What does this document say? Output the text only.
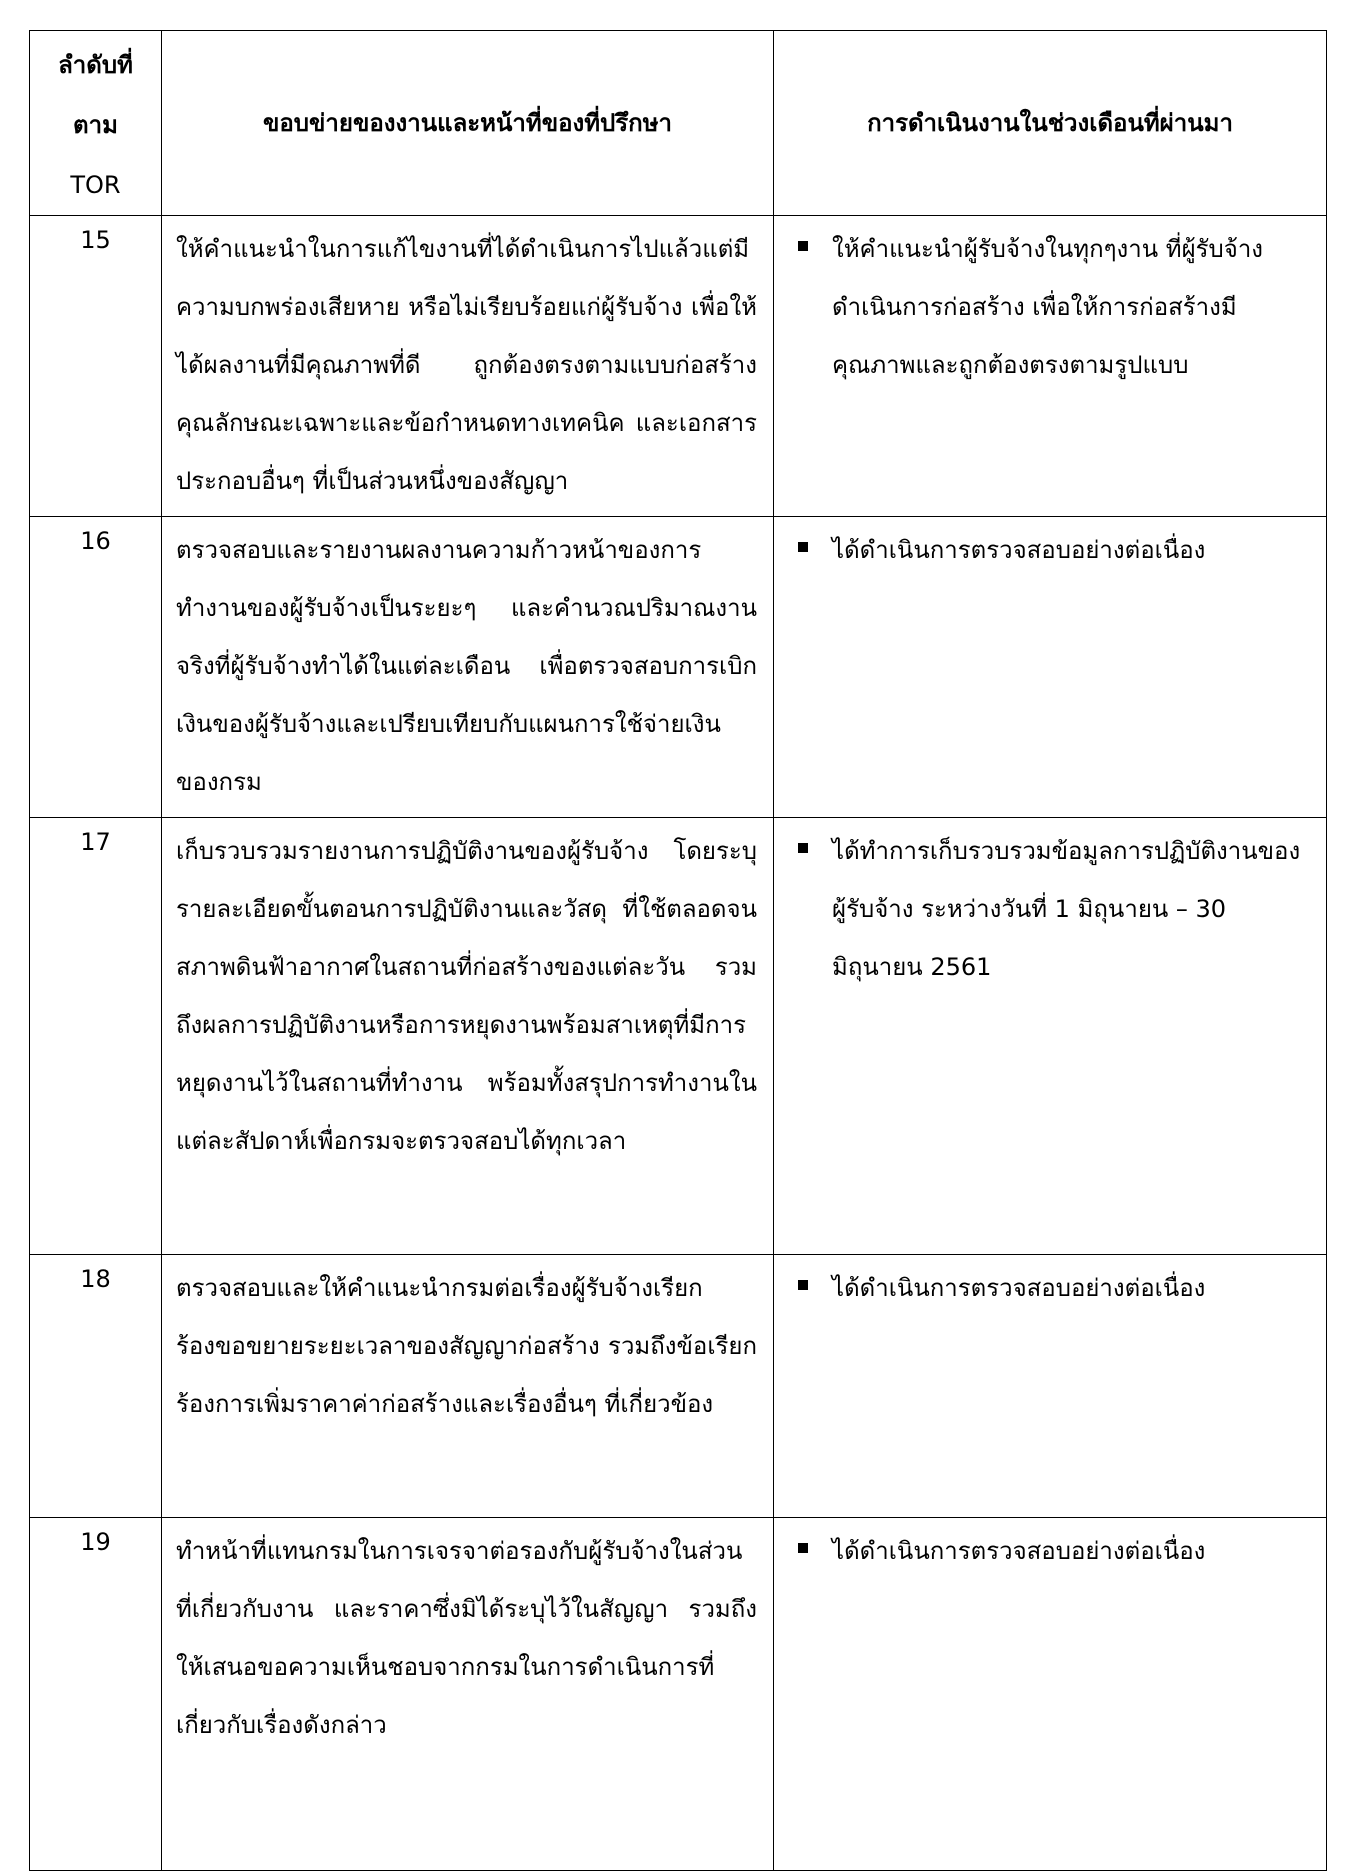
ลำดับที่
ตาม
TOR	ขอบข่ายของงานและหน้าที่ของที่ปรึกษา	การดำเนินงานในช่วงเดือนที่ผ่านมา
15	ให้คำแนะนำในการแก้ไขงานที่ได้ดำเนินการไปแล้วแต่มีความบกพร่องเสียหาย หรือไม่เรียบร้อยแก่ผู้รับจ้าง เพื่อให้ได้ผลงานที่มีคุณภาพที่ดี ถูกต้องตรงตามแบบก่อสร้างคุณลักษณะเฉพาะและข้อกำหนดทางเทคนิค และเอกสารประกอบอื่นๆ ที่เป็นส่วนหนึ่งของสัญญา	ให้คำแนะนำผู้รับจ้างในทุกๆงาน ที่ผู้รับจ้างดำเนินการก่อสร้าง เพื่อให้การก่อสร้างมีคุณภาพและถูกต้องตรงตามรูปแบบ

16	ตรวจสอบและรายงานผลงานความก้าวหน้าของการทำงานของผู้รับจ้างเป็นระยะๆ และคำนวณปริมาณงานจริงที่ผู้รับจ้างทำได้ในแต่ละเดือน เพื่อตรวจสอบการเบิกเงินของผู้รับจ้างและเปรียบเทียบกับแผนการใช้จ่ายเงินของกรม	ได้ดำเนินการตรวจสอบอย่างต่อเนื่อง

17	เก็บรวบรวมรายงานการปฏิบัติงานของผู้รับจ้าง โดยระบุรายละเอียดขั้นตอนการปฏิบัติงานและวัสดุ ที่ใช้ตลอดจนสภาพดินฟ้าอากาศในสถานที่ก่อสร้างของแต่ละวัน รวมถึงผลการปฏิบัติงานหรือการหยุดงานพร้อมสาเหตุที่มีการหยุดงานไว้ในสถานที่ทำงาน พร้อมทั้งสรุปการทำงานในแต่ละสัปดาห์เพื่อกรมจะตรวจสอบได้ทุกเวลา	ได้ทำการเก็บรวบรวมข้อมูลการปฏิบัติงานของผู้รับจ้าง ระหว่างวันที่ 1 มิถุนายน – 30 มิถุนายน 2561

18	ตรวจสอบและให้คำแนะนำกรมต่อเรื่องผู้รับจ้างเรียกร้องขอขยายระยะเวลาของสัญญาก่อสร้าง รวมถึงข้อเรียกร้องการเพิ่มราคาค่าก่อสร้างและเรื่องอื่นๆ ที่เกี่ยวข้อง	ได้ดำเนินการตรวจสอบอย่างต่อเนื่อง

19	ทำหน้าที่แทนกรมในการเจรจาต่อรองกับผู้รับจ้างในส่วนที่เกี่ยวกับงาน และราคาซึ่งมิได้ระบุไว้ในสัญญา รวมถึงให้เสนอขอความเห็นชอบจากกรมในการดำเนินการที่เกี่ยวกับเรื่องดังกล่าว	ได้ดำเนินการตรวจสอบอย่างต่อเนื่อง
